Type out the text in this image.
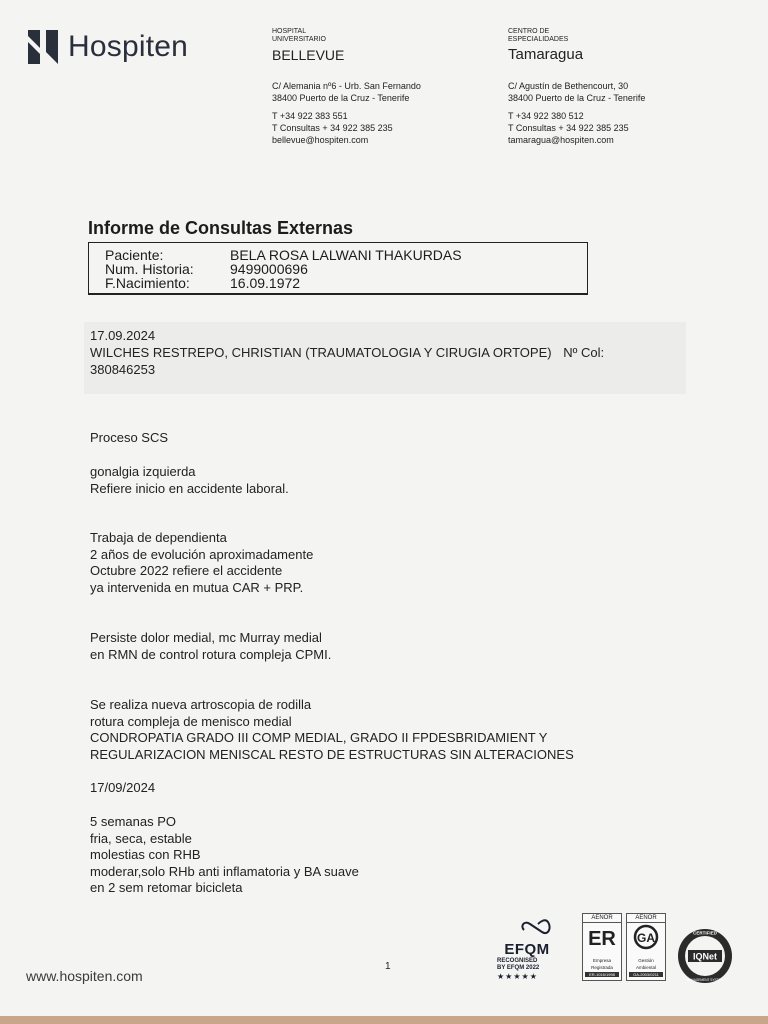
Hospiten	HOSPITAL
UNIVERSITARIO
BELLEVUE
C/ Alemania nº6 - Urb. San Fernando
38400 Puerto de la Cruz - Tenerife
T +34 922 383 551
T Consultas + 34 922 385 235
bellevue@hospiten.com
CENTRO DE
ESPECIALIDADES
Tamaragua
C/ Agustín de Bethencourt, 30
38400 Puerto de la Cruz - Tenerife
T +34 922 380 512
T Consultas + 34 922 385 235
tamaragua@hospiten.com
Informe de Consultas Externas
Paciente:	BELA ROSA LALWANI THAKURDAS
Num. Historia:	9499000696
F.Nacimiento:	16.09.1972
17.09.2024
WILCHES RESTREPO, CHRISTIAN (TRAUMATOLOGIA Y CIRUGIA ORTOPE) Nº Col:
380846253
Proceso SCS
gonalgia izquierda
Refiere inicio en accidente laboral.
Trabaja de dependienta
2 años de evolución aproximadamente
Octubre 2022 refiere el accidente
ya intervenida en mutua CAR + PRP.
Persiste dolor medial, mc Murray medial
en RMN de control rotura compleja CPMI.
Se realiza nueva artroscopia de rodilla
rotura compleja de menisco medial
CONDROPATIA GRADO III COMP MEDIAL, GRADO II FPDESBRIDAMIENT Y
REGULARIZACION MENISCAL RESTO DE ESTRUCTURAS SIN ALTERACIONES
17/09/2024
5 semanas PO
fria, seca, estable
molestias con RHB
moderar,solo RHb anti inflamatoria y BA suave
en 2 sem retomar bicicleta
www.hospiten.com
1
EFQM
RECOGNISED
BY EFQM 2022
★★★★★
AENOR
ER
Empresa
Registrada
ER-1016/1998
AENOR
GA
Gestión
Ambiental
GA-2003/0211
IQNet
CERTIFIED
MANAGEMENT SYSTEM
